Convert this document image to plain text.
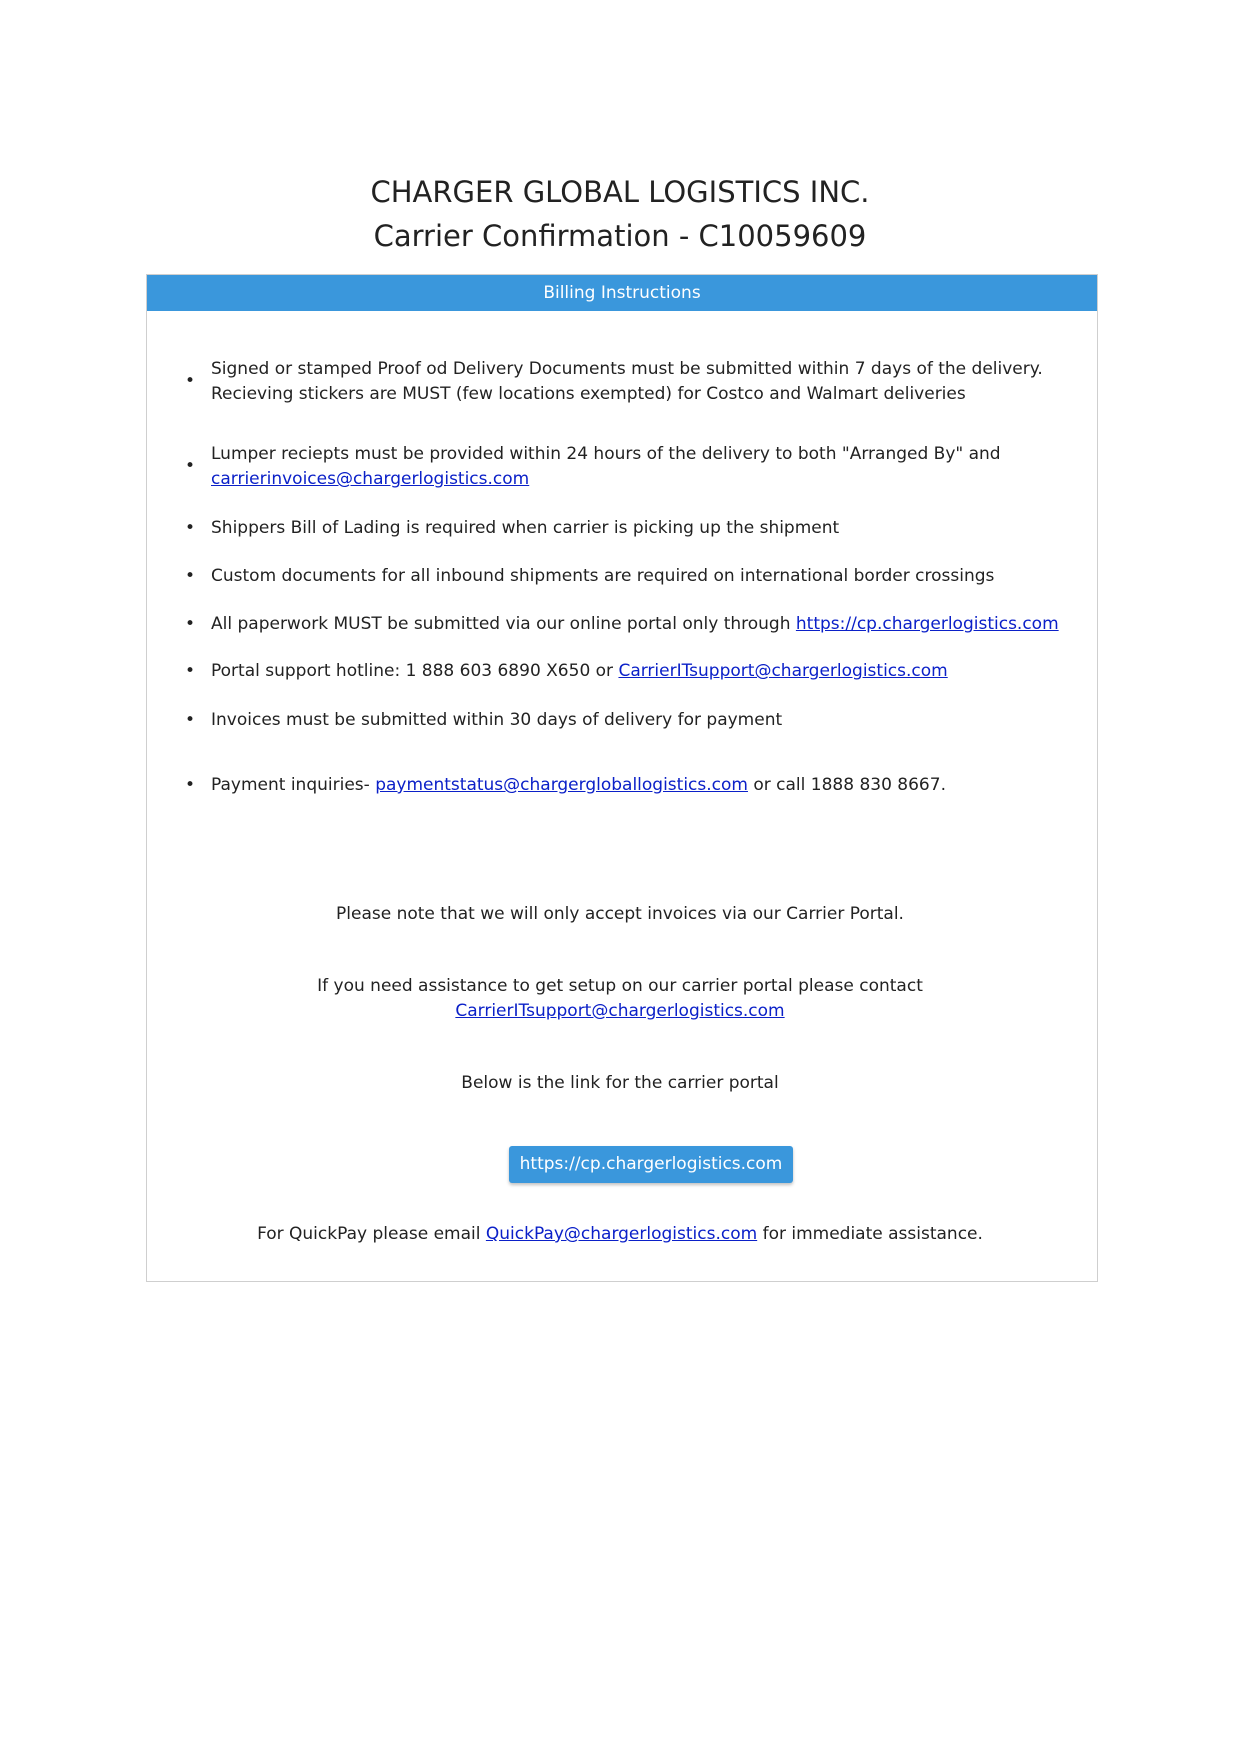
CHARGER GLOBAL LOGISTICS INC.
Carrier Confirmation - C10059609
Billing Instructions
•
Signed or stamped Proof od Delivery Documents must be submitted within 7 days of the delivery.
Recieving stickers are MUST (few locations exempted) for Costco and Walmart deliveries
•
Lumper reciepts must be provided within 24 hours of the delivery to both "Arranged By" and
carrierinvoices@chargerlogistics.com
• Shippers Bill of Lading is required when carrier is picking up the shipment
• Custom documents for all inbound shipments are required on international border crossings
• All paperwork MUST be submitted via our online portal only through https://cp.chargerlogistics.com
• Portal support hotline: 1 888 603 6890 X650 or CarrierITsupport@chargerlogistics.com
• Invoices must be submitted within 30 days of delivery for payment
• Payment inquiries- paymentstatus@chargergloballogistics.com or call 1888 830 8667.
Please note that we will only accept invoices via our Carrier Portal.
If you need assistance to get setup on our carrier portal please contact
CarrierITsupport@chargerlogistics.com
Below is the link for the carrier portal
https://cp.chargerlogistics.com
For QuickPay please email QuickPay@chargerlogistics.com for immediate assistance.
